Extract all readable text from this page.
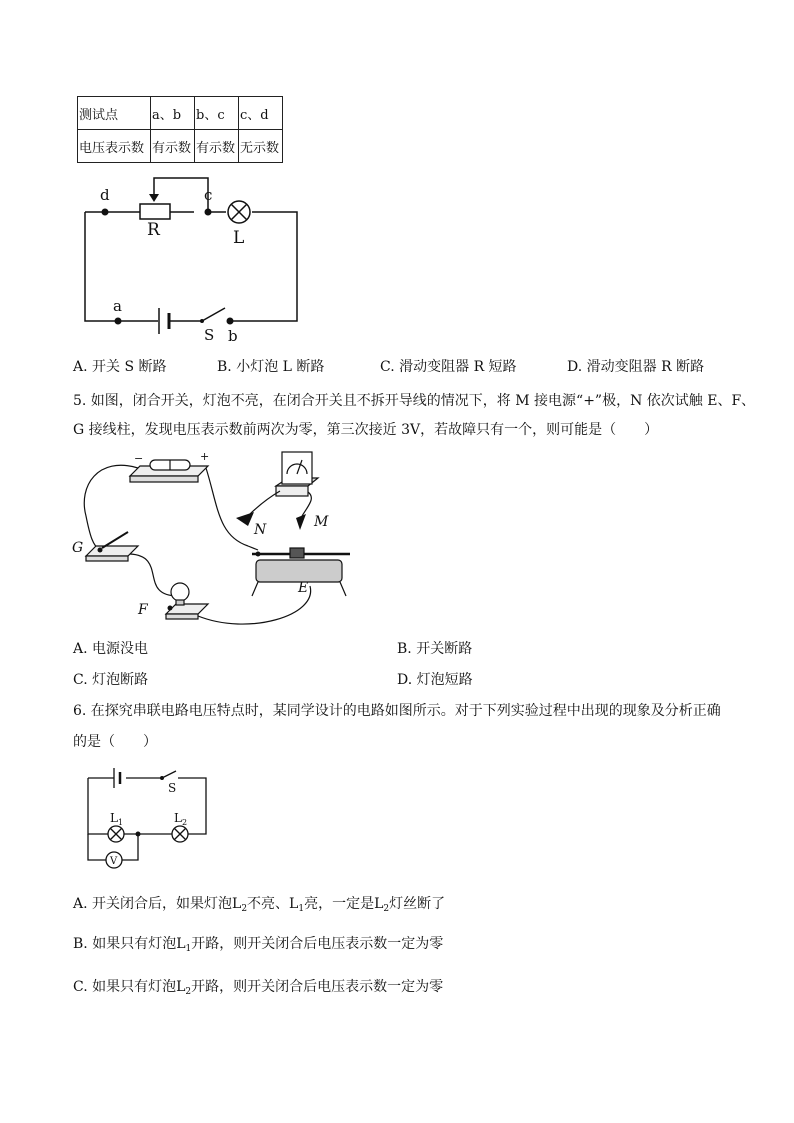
测试点	a、b	b、c	c、d
电压表示数	有示数	有示数	无示数
d	c
R	L
a
S b
A. 开关 S 断路	B. 小灯泡 L 断路	C. 滑动变阻器 R 短路	D. 滑动变阻器 R 断路
5. 如图，闭合开关，灯泡不亮，在闭合开关且不拆开导线的情况下，将 M 接电源“+”极，N 依次试触 E、F、
G 接线柱，发现电压表示数前两次为零，第三次接近 3V，若故障只有一个，则可能是（　　）
G
F
E
N	M
−	+
A. 电源没电	B. 开关断路
C. 灯泡断路	D. 灯泡短路
6. 在探究串联电路电压特点时，某同学设计的电路如图所示。对于下列实验过程中出现的现象及分析正确
的是（　　）
S
$L_1$	$L_2$
V
A. 开关闭合后，如果灯泡$L_2$不亮、$L_1$亮，一定是$L_2$灯丝断了
B. 如果只有灯泡$L_1$开路，则开关闭合后电压表示数一定为零
C. 如果只有灯泡$L_2$开路，则开关闭合后电压表示数一定为零
